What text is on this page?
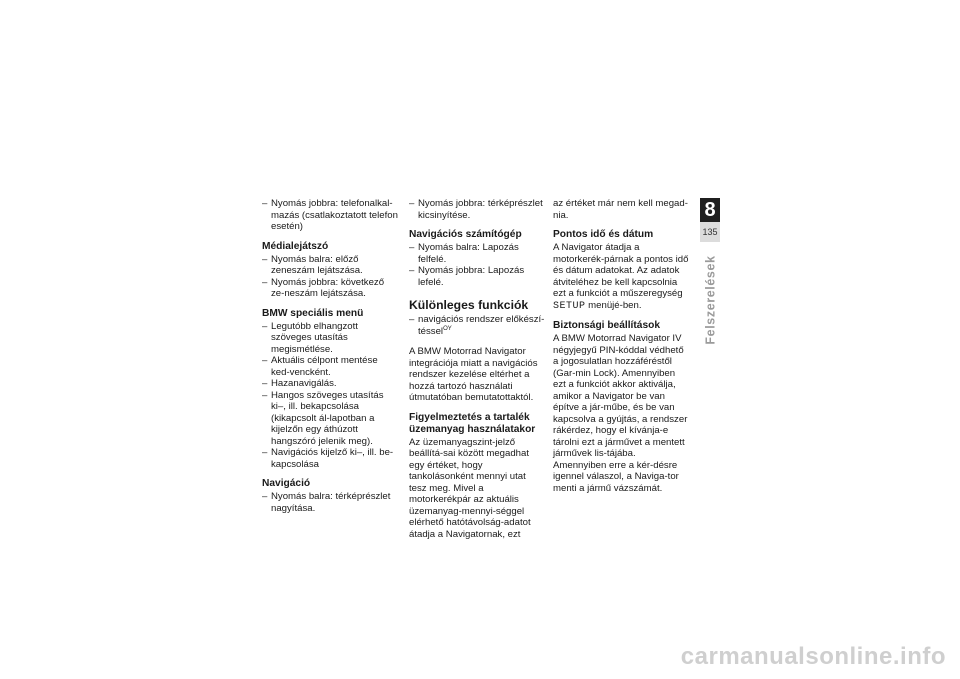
– Nyomás jobbra: telefonalkal-mazás (csatlakoztatott telefon esetén)
Médialejátszó
– Nyomás balra: előző zeneszám lejátszása.
– Nyomás jobbra: következő ze-neszám lejátszása.
BMW speciális menü
– Legutóbb elhangzott szöveges utasítás megismétlése.
– Aktuális célpont mentése ked-vencként.
– Hazanavigálás.
– Hangos szöveges utasítás ki–, ill. bekapcsolása (kikapcsolt ál-lapotban a kijelzőn egy áthúzott hangszóró jelenik meg).
– Navigációs kijelző ki–, ill. be-kapcsolása
Navigáció
– Nyomás balra: térképrészlet nagyítása.
– Nyomás jobbra: térképrészlet kicsinyítése.
Navigációs számítógép
– Nyomás balra: Lapozás felfelé.
– Nyomás jobbra: Lapozás lefelé.
Különleges funkciók
– navigációs rendszer előkészí-téssel$^{OY}$

A BMW Motorrad Navigator integrációja miatt a navigációs rendszer kezelése eltérhet a hozzá tartozó használati útmutatóban bemutatottaktól.

Figyelmeztetés a tartalék üzemanyag használatakor

Az üzemanyagszint-jelző beállítá-sai között megadhat egy értéket, hogy tankolásonként mennyi utat tesz meg. Mivel a motorkerékpár az aktuális üzemanyag-mennyi-séggel elérhető hatótávolság-adatot átadja a Navigatornak, ezt

az értéket már nem kell megad-nia.

Pontos idő és dátum

A Navigator átadja a motorkerék-párnak a pontos idő és dátum adatokat. Az adatok átviteléhez be kell kapcsolnia ezt a funkciót a műszeregység SETUP menüjé-ben.

Biztonsági beállítások

A BMW Motorrad Navigator IV négyjegyű PIN-kóddal védhető a jogosulatlan hozzáféréstől (Gar-min Lock). Amennyiben ezt a funkciót akkor aktiválja, amikor a Navigator be van építve a jár-műbe, és be van kapcsolva a gyújtás, a rendszer rákérdez, hogy el kívánja-e tárolni ezt a járművet a mentett járművek lis-tájába. Amennyiben erre a kér-désre igennel válaszol, a Naviga-tor menti a jármű vázszámát.

8
135
Felszerelések
carmanualsonline.info
